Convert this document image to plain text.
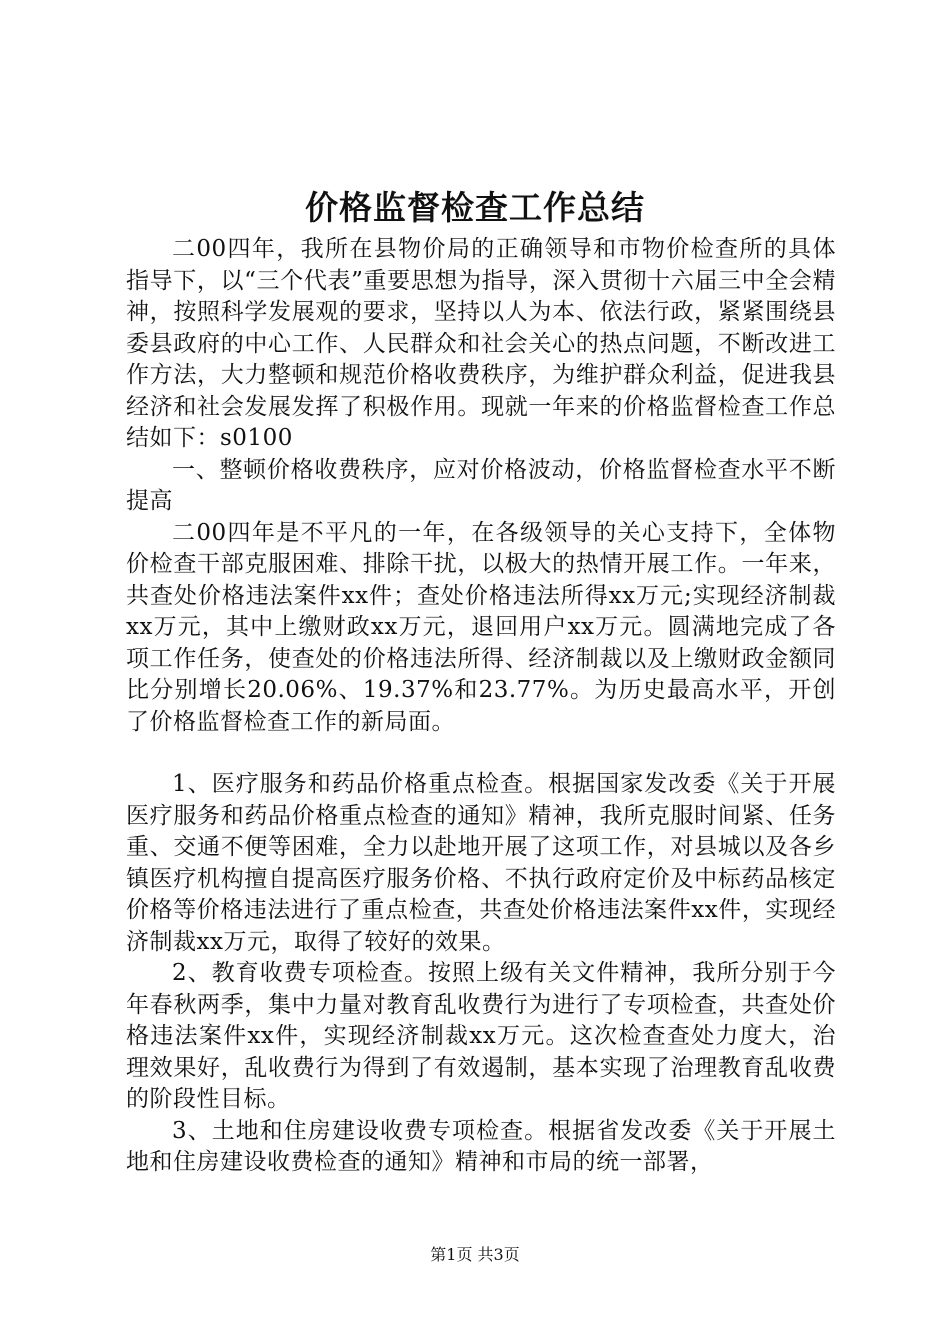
价格监督检查工作总结

二00四年，我所在县物价局的正确领导和市物价检查所的具体指导下，以“三个代表”重要思想为指导，深入贯彻十六届三中全会精神，按照科学发展观的要求，坚持以人为本、依法行政，紧紧围绕县委县政府的中心工作、人民群众和社会关心的热点问题，不断改进工作方法，大力整顿和规范价格收费秩序，为维护群众利益，促进我县经济和社会发展发挥了积极作用。现就一年来的价格监督检查工作总结如下：s0100

一、整顿价格收费秩序，应对价格波动，价格监督检查水平不断提高

二00四年是不平凡的一年，在各级领导的关心支持下，全体物价检查干部克服困难、排除干扰，以极大的热情开展工作。一年来，共查处价格违法案件xx件；查处价格违法所得xx万元;实现经济制裁xx万元，其中上缴财政xx万元，退回用户xx万元。圆满地完成了各项工作任务，使查处的价格违法所得、经济制裁以及上缴财政金额同比分别增长20.06%、19.37%和23.77%。为历史最高水平，开创了价格监督检查工作的新局面。

1、医疗服务和药品价格重点检查。根据国家发改委《关于开展医疗服务和药品价格重点检查的通知》精神，我所克服时间紧、任务重、交通不便等困难，全力以赴地开展了这项工作，对县城以及各乡镇医疗机构擅自提高医疗服务价格、不执行政府定价及中标药品核定价格等价格违法进行了重点检查，共查处价格违法案件xx件，实现经济制裁xx万元，取得了较好的效果。

2、教育收费专项检查。按照上级有关文件精神，我所分别于今年春秋两季，集中力量对教育乱收费行为进行了专项检查，共查处价格违法案件xx件，实现经济制裁xx万元。这次检查查处力度大，治理效果好，乱收费行为得到了有效遏制，基本实现了治理教育乱收费的阶段性目标。

3、土地和住房建设收费专项检查。根据省发改委《关于开展土地和住房建设收费检查的通知》精神和市局的统一部署，

第1页 共3页
